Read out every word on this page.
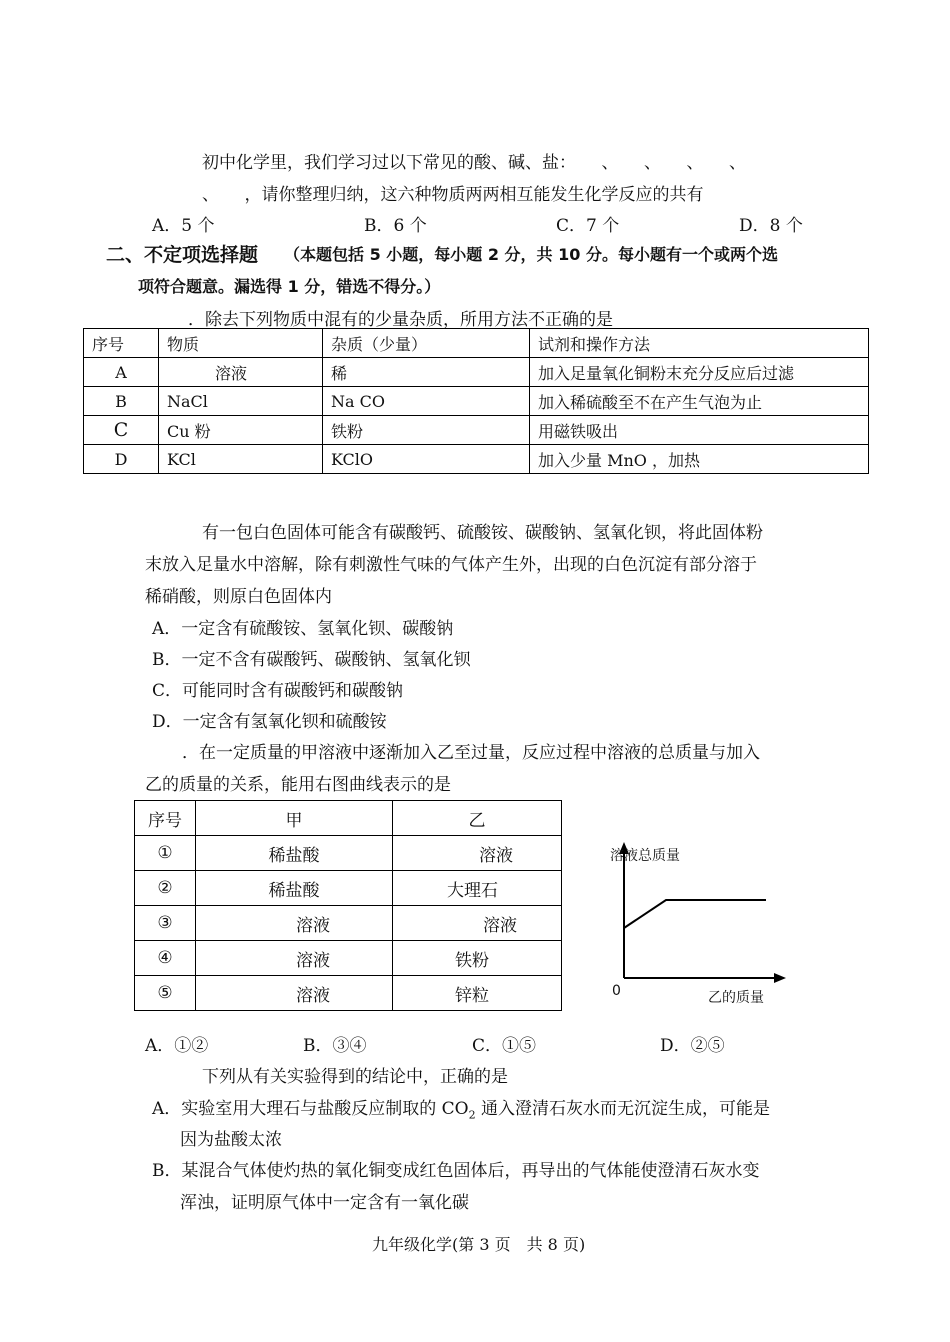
初中化学里，我们学习过以下常见的酸、碱、盐：　　、　　、　　、　　、
、　　，请你整理归纳，这六种物质两两相互能发生化学反应的共有
A．5 个	B．6 个	C．7 个	D．8 个
二、不定项选择题 （本题包括 5 小题，每小题 2 分，共 10 分。每小题有一个或两个选
项符合题意。漏选得 1 分，错选不得分。）
．除去下列物质中混有的少量杂质，所用方法不正确的是
序号	物质	杂质（少量）	试剂和操作方法
A	溶液	稀	加入足量氧化铜粉末充分反应后过滤
B	NaCl	Na CO	加入稀硫酸至不在产生气泡为止
C	Cu 粉	铁粉	用磁铁吸出
D	KCl	KClO	加入少量 MnO ，加热
有一包白色固体可能含有碳酸钙、硫酸铵、碳酸钠、氢氧化钡，将此固体粉
末放入足量水中溶解，除有刺激性气味的气体产生外，出现的白色沉淀有部分溶于
稀硝酸，则原白色固体内
A．一定含有硫酸铵、氢氧化钡、碳酸钠
B．一定不含有碳酸钙、碳酸钠、氢氧化钡
C．可能同时含有碳酸钙和碳酸钠
D．一定含有氢氧化钡和硫酸铵
．在一定质量的甲溶液中逐渐加入乙至过量，反应过程中溶液的总质量与加入
乙的质量的关系，能用右图曲线表示的是
序号	甲	乙
①	稀盐酸	溶液
②	稀盐酸	大理石
③	溶液	溶液
④	溶液	铁粉
⑤	溶液	锌粒
溶液总质量
0	乙的质量
A．①②	B．③④	C．①⑤	D．②⑤
下列从有关实验得到的结论中，正确的是
A．实验室用大理石与盐酸反应制取的 $CO_2$ 通入澄清石灰水而无沉淀生成，可能是
因为盐酸太浓
B．某混合气体使灼热的氧化铜变成红色固体后，再导出的气体能使澄清石灰水变
浑浊，证明原气体中一定含有一氧化碳
九年级化学(第 3 页　共 8 页)
